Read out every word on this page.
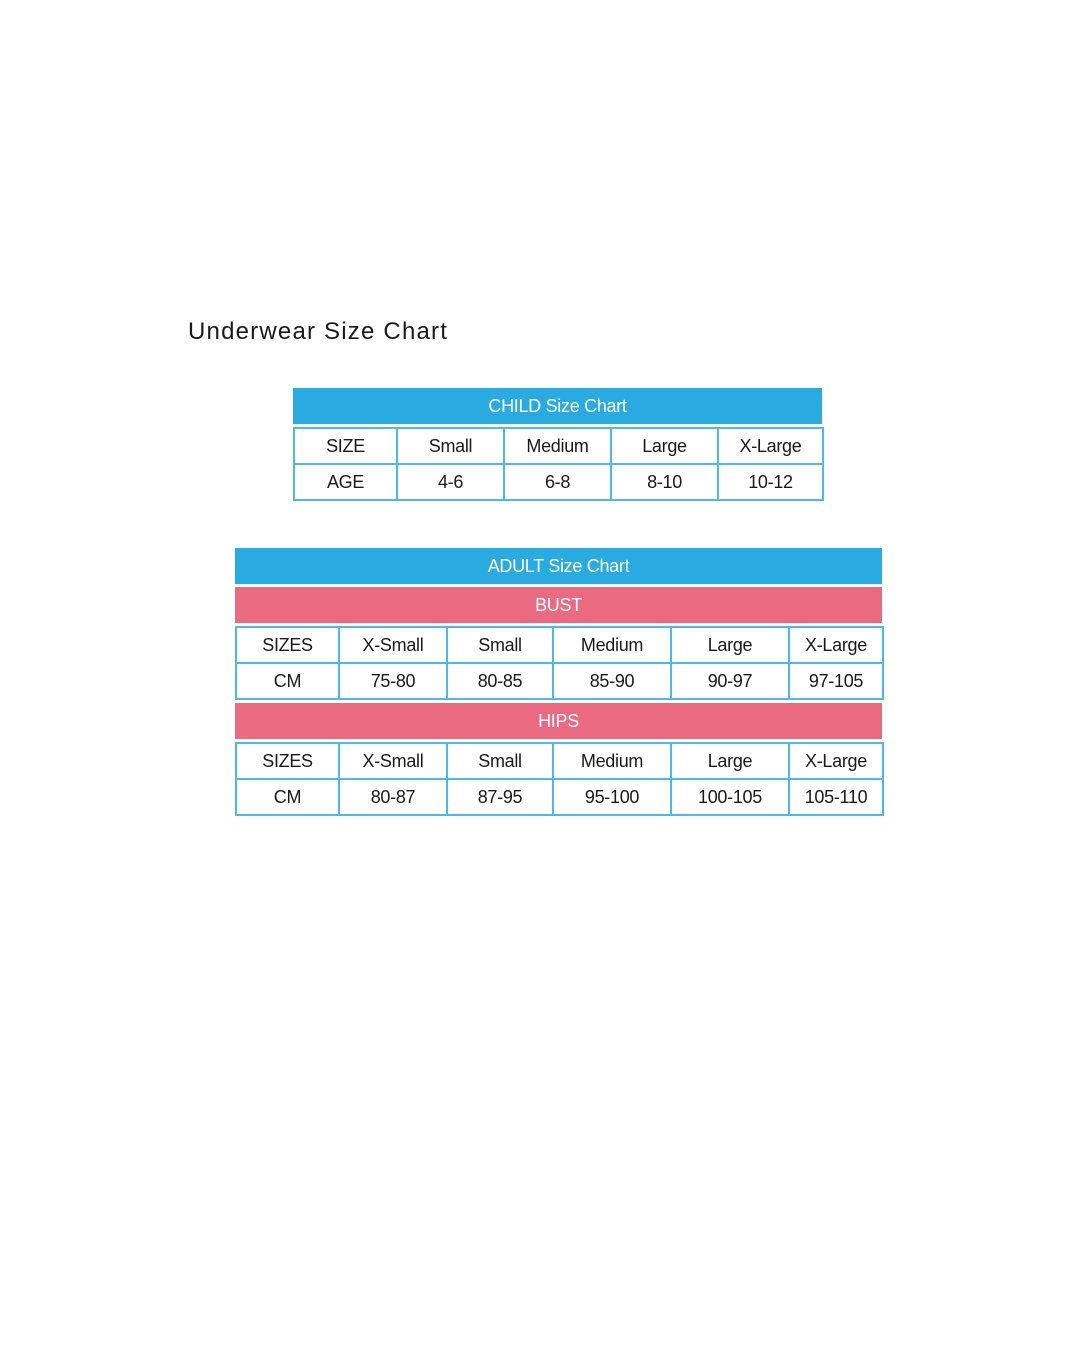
Underwear Size Chart
CHILD Size Chart
SIZE	Small	Medium	Large	X-Large
AGE	4-6	6-8	8-10	10-12
ADULT Size Chart
BUST
SIZES	X-Small	Small	Medium	Large	X-Large
CM	75-80	80-85	85-90	90-97	97-105
HIPS
SIZES	X-Small	Small	Medium	Large	X-Large
CM	80-87	87-95	95-100	100-105	105-110
